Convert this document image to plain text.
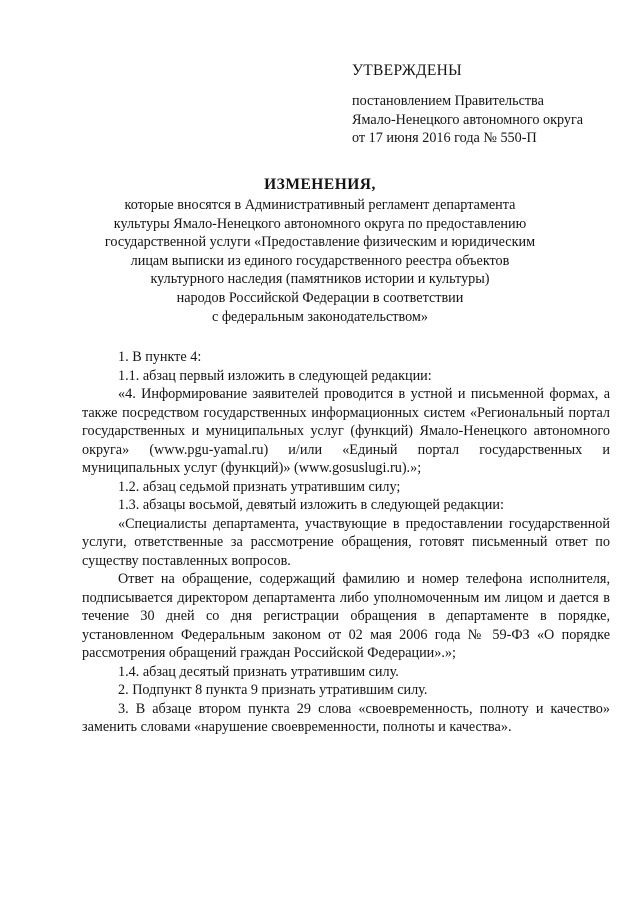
УТВЕРЖДЕНЫ
постановлением Правительства
Ямало-Ненецкого автономного округа
от 17 июня 2016 года № 550-П
ИЗМЕНЕНИЯ,
которые вносятся в Административный регламент департамента
культуры Ямало-Ненецкого автономного округа по предоставлению
государственной услуги «Предоставление физическим и юридическим
лицам выписки из единого государственного реестра объектов
культурного наследия (памятников истории и культуры)
народов Российской Федерации в соответствии
с федеральным законодательством»

1. В пункте 4:

1.1. абзац первый изложить в следующей редакции:

«4. Информирование заявителей проводится в устной и письменной формах, а также посредством государственных информационных систем «Региональный портал государственных и муниципальных услуг (функций) Ямало-Ненецкого автономного округа» (www.pgu-yamal.ru) и/или «Единый портал государственных и муниципальных услуг (функций)» (www.gosuslugi.ru).»;

1.2. абзац седьмой признать утратившим силу;

1.3. абзацы восьмой, девятый изложить в следующей редакции:

«Специалисты департамента, участвующие в предоставлении государственной услуги, ответственные за рассмотрение обращения, готовят письменный ответ по существу поставленных вопросов.

Ответ на обращение, содержащий фамилию и номер телефона исполнителя, подписывается директором департамента либо уполномоченным им лицом и дается в течение 30 дней со дня регистрации обращения в департаменте в порядке, установленном Федеральным законом от 02 мая 2006 года № 59-ФЗ «О порядке рассмотрения обращений граждан Российской Федерации».»;

1.4. абзац десятый признать утратившим силу.

2. Подпункт 8 пункта 9 признать утратившим силу.

3. В абзаце втором пункта 29 слова «своевременность, полноту и качество» заменить словами «нарушение своевременности, полноты и качества».
